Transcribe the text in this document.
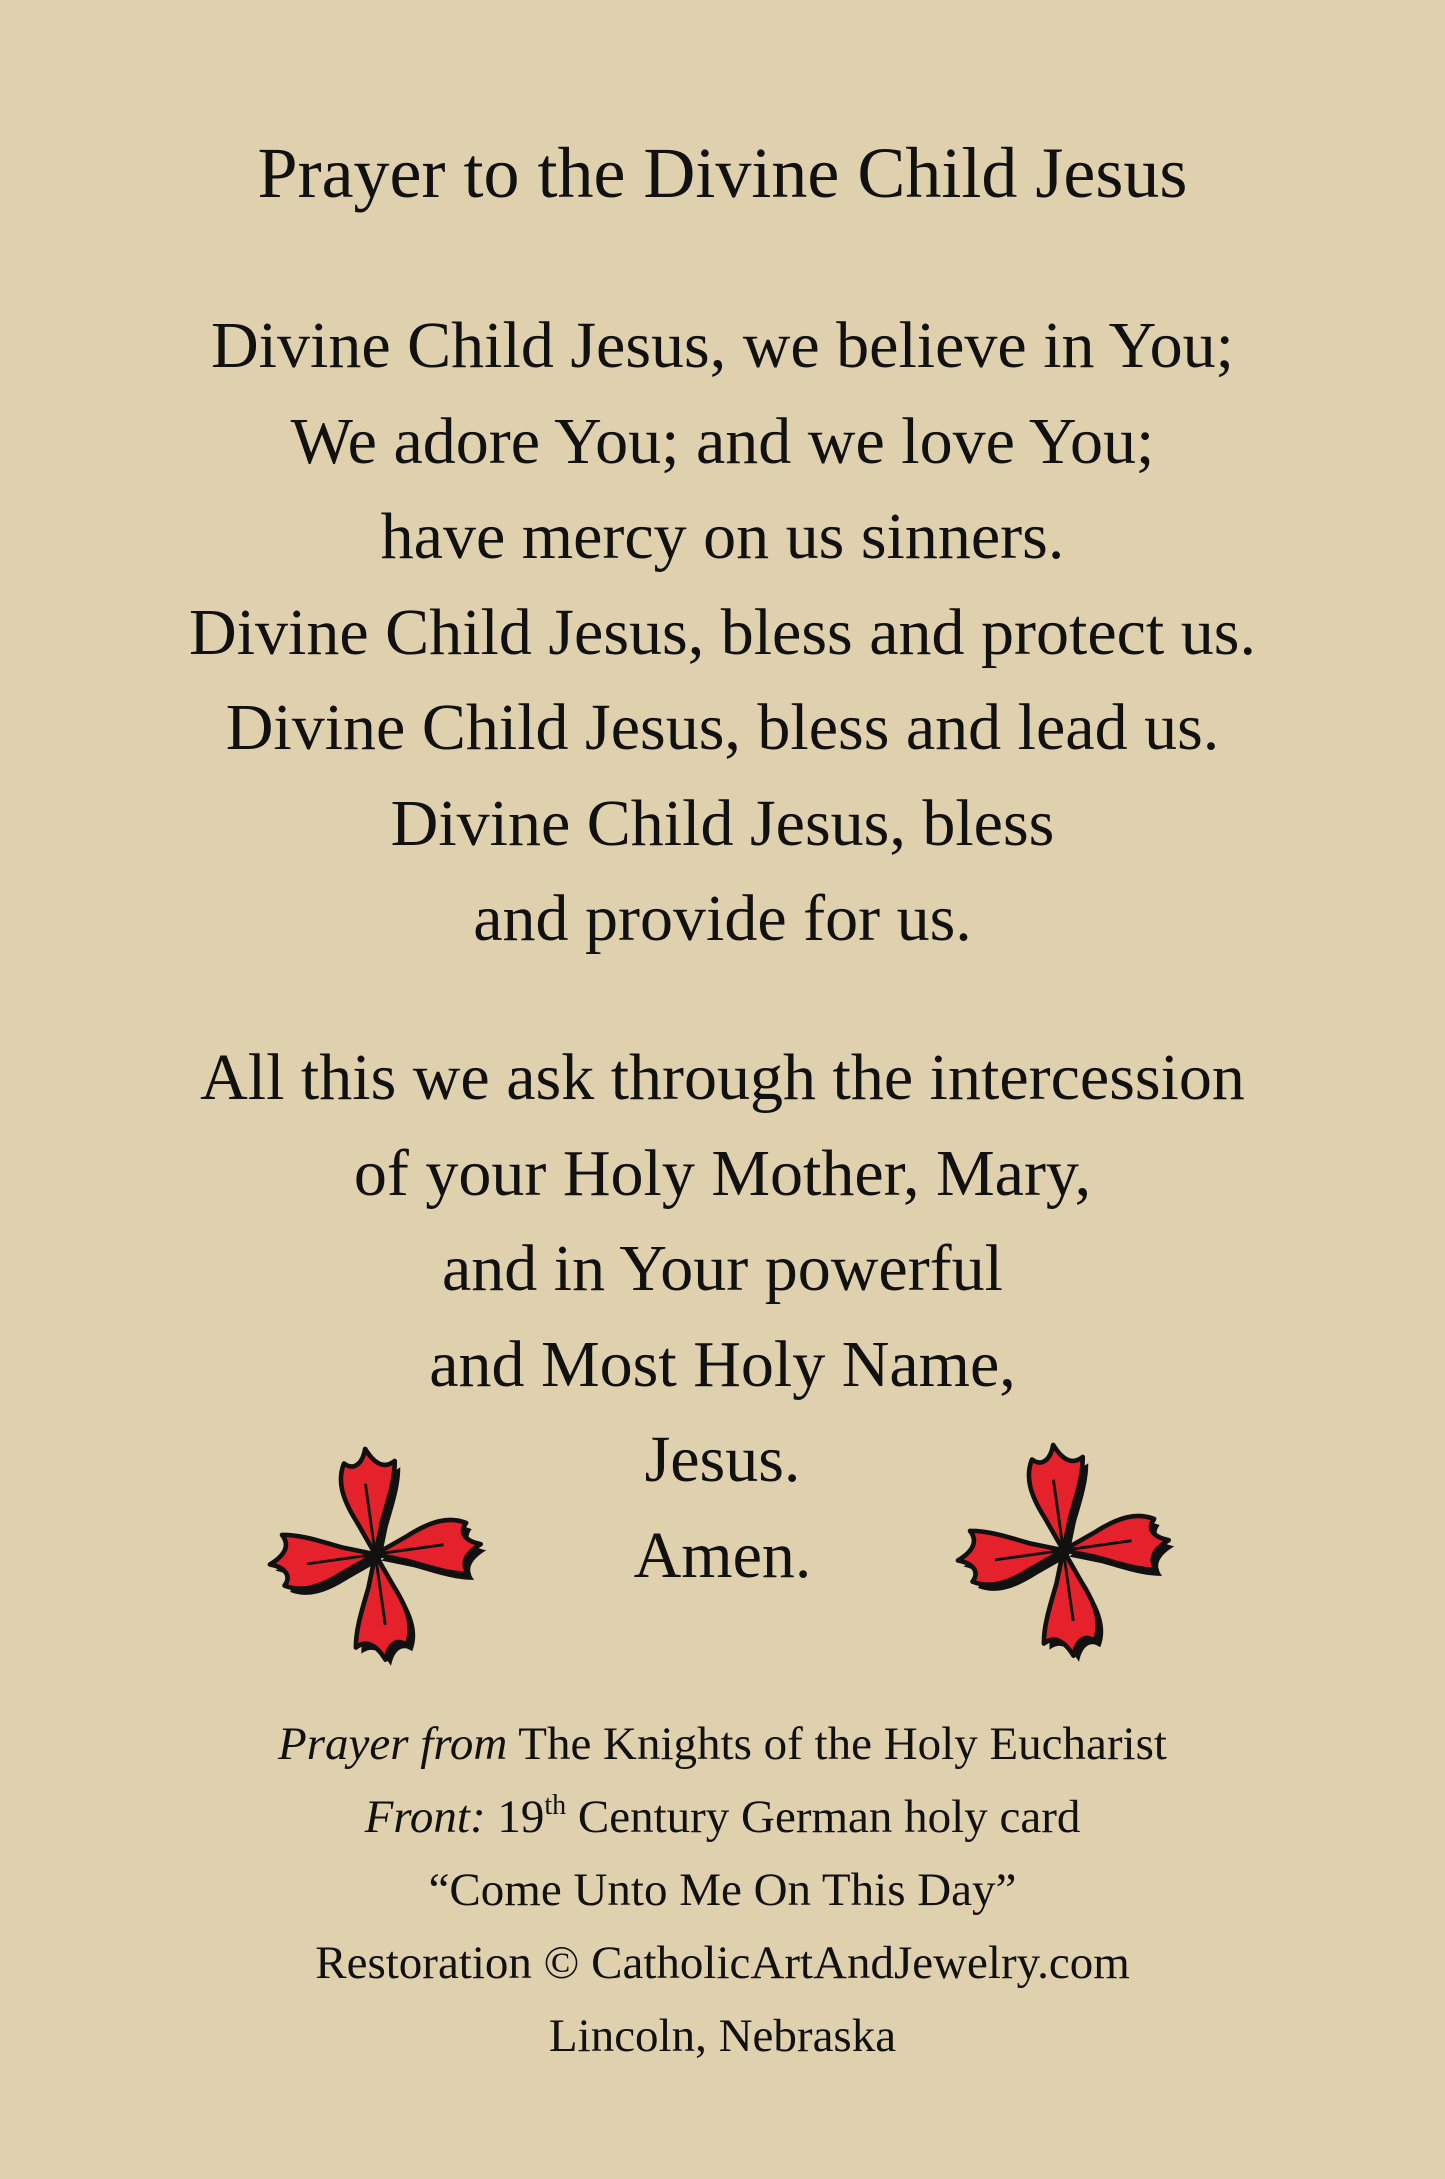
Prayer to the Divine Child Jesus
Divine Child Jesus, we believe in You;
We adore You; and we love You;
have mercy on us sinners.
Divine Child Jesus, bless and protect us.
Divine Child Jesus, bless and lead us.
Divine Child Jesus, bless
and provide for us.
All this we ask through the intercession
of your Holy Mother, Mary,
and in Your powerful
and Most Holy Name,
Jesus.
Amen.
Prayer from The Knights of the Holy Eucharist
Front: 19th Century German holy card
“Come Unto Me On This Day”
Restoration © CatholicArtAndJewelry.com
Lincoln, Nebraska
